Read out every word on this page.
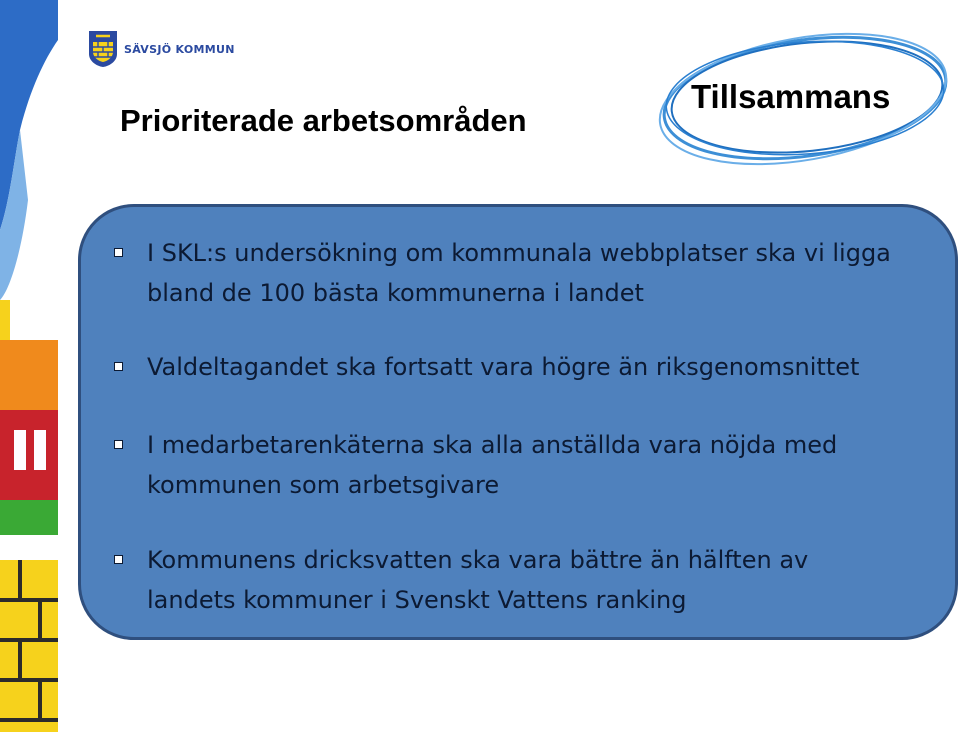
SÄVSJÖ KOMMUN
Prioriterade arbetsområden
Tillsammans
I SKL:s undersökning om kommunala webbplatser ska vi ligga bland de 100 bästa kommunerna i landet
Valdeltagandet ska fortsatt vara högre än riksgenomsnittet
I medarbetarenkäterna ska alla anställda vara nöjda med kommunen som arbetsgivare
Kommunens dricksvatten ska vara bättre än hälften av landets kommuner i Svenskt Vattens ranking
